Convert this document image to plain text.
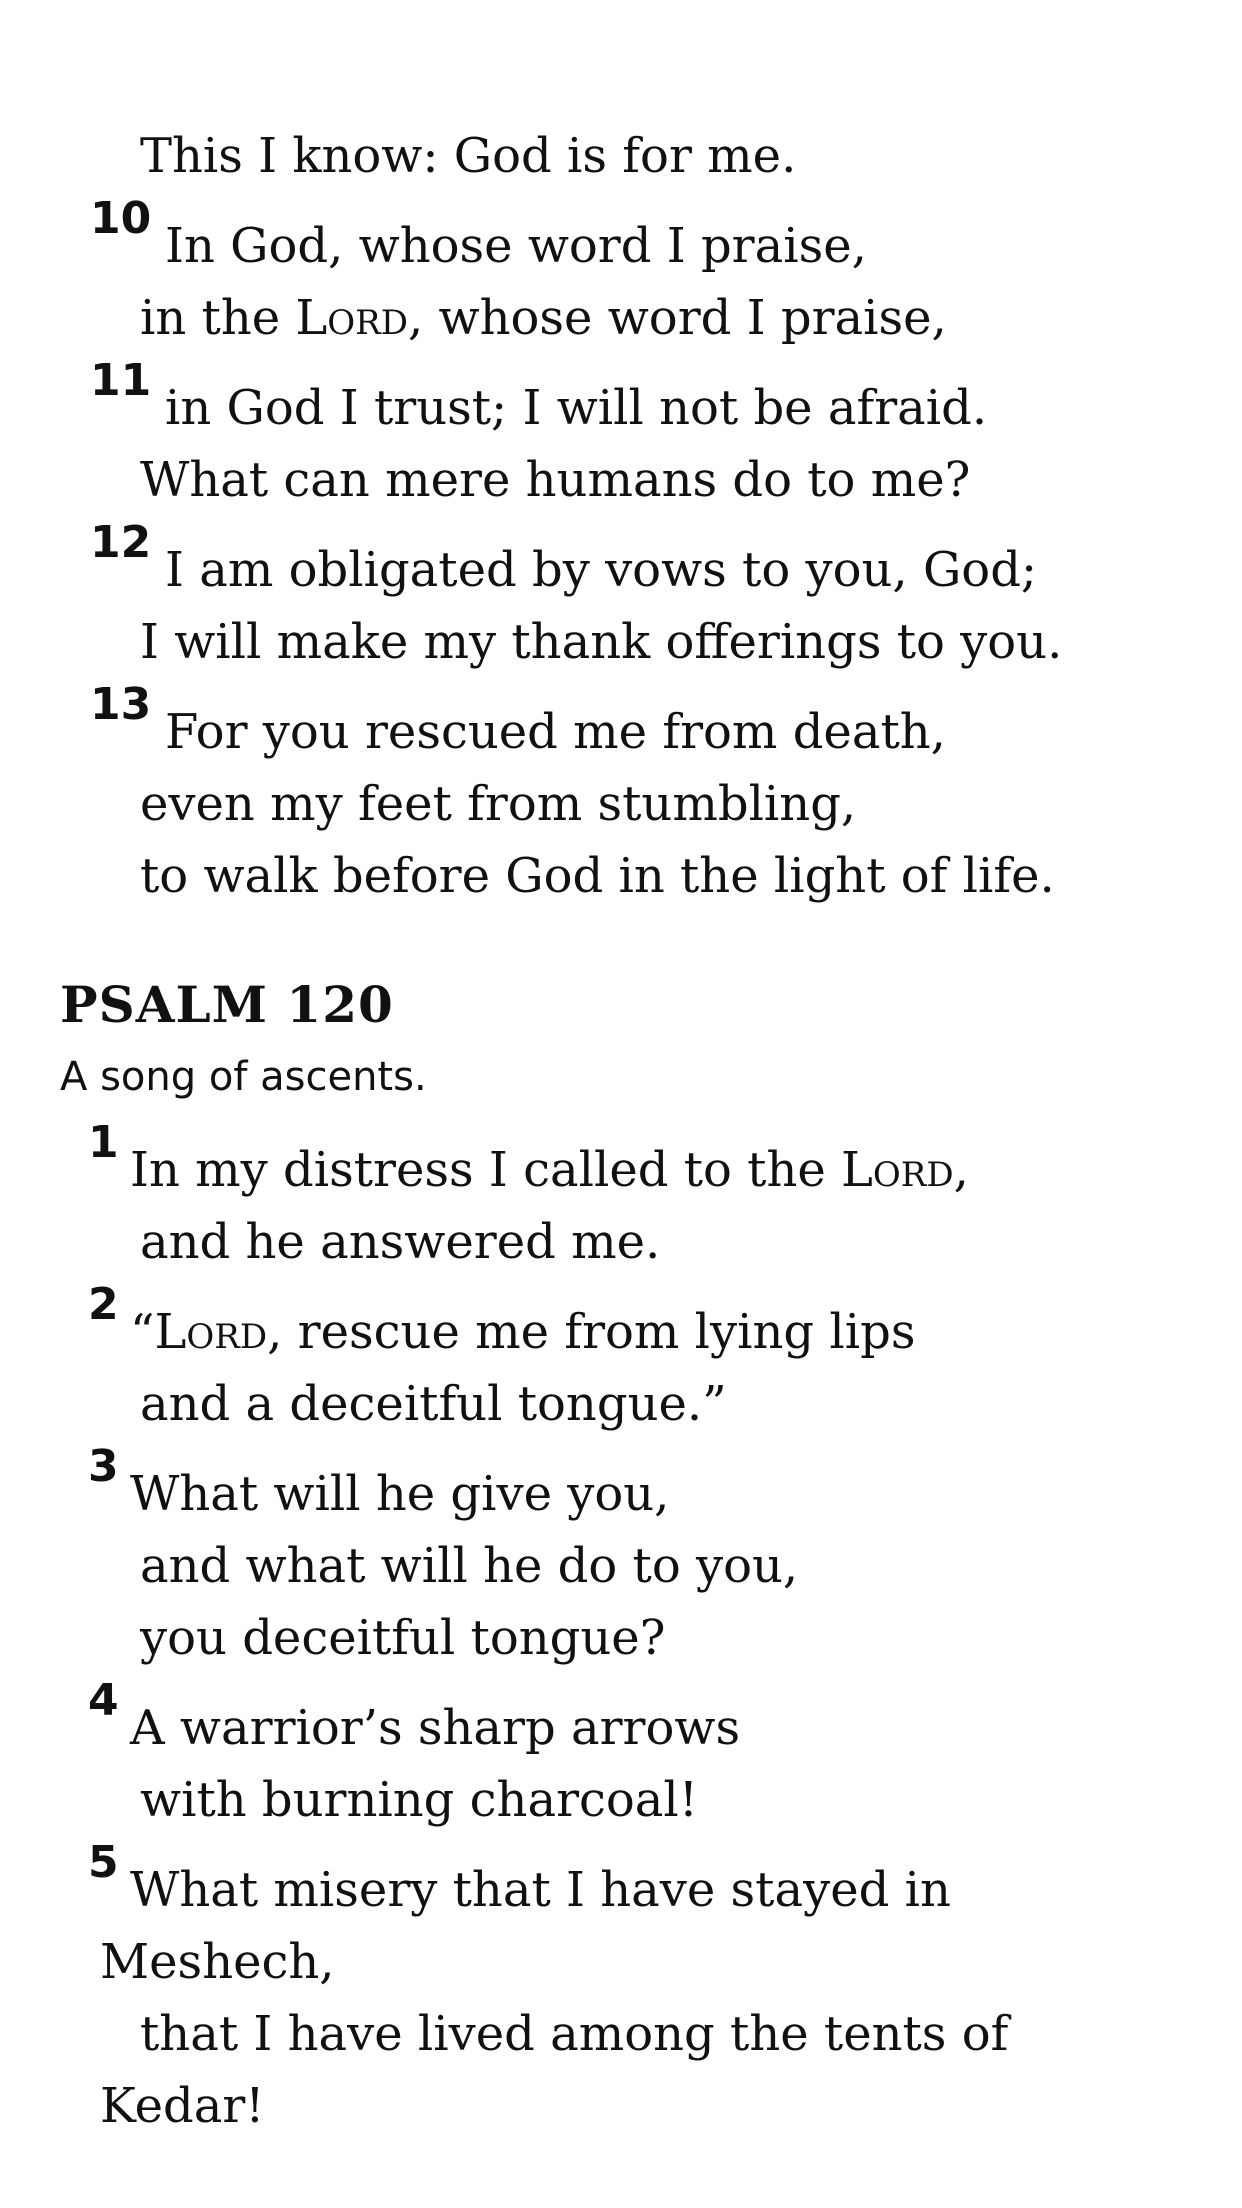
This I know: God is for me.
10 In God, whose word I praise,
in the Lord, whose word I praise,
11 in God I trust; I will not be afraid.
What can mere humans do to me?
12 I am obligated by vows to you, God;
I will make my thank offerings to you.
13 For you rescued me from death,
even my feet from stumbling,
to walk before God in the light of life.
PSALM 120
A song of ascents.
1 In my distress I called to the Lord,
and he answered me.
2 “Lord, rescue me from lying lips
and a deceitful tongue.”
3 What will he give you,
and what will he do to you,
you deceitful tongue?
4 A warrior’s sharp arrows
with burning charcoal!
5 What misery that I have stayed in
Meshech,
that I have lived among the tents of
Kedar!
